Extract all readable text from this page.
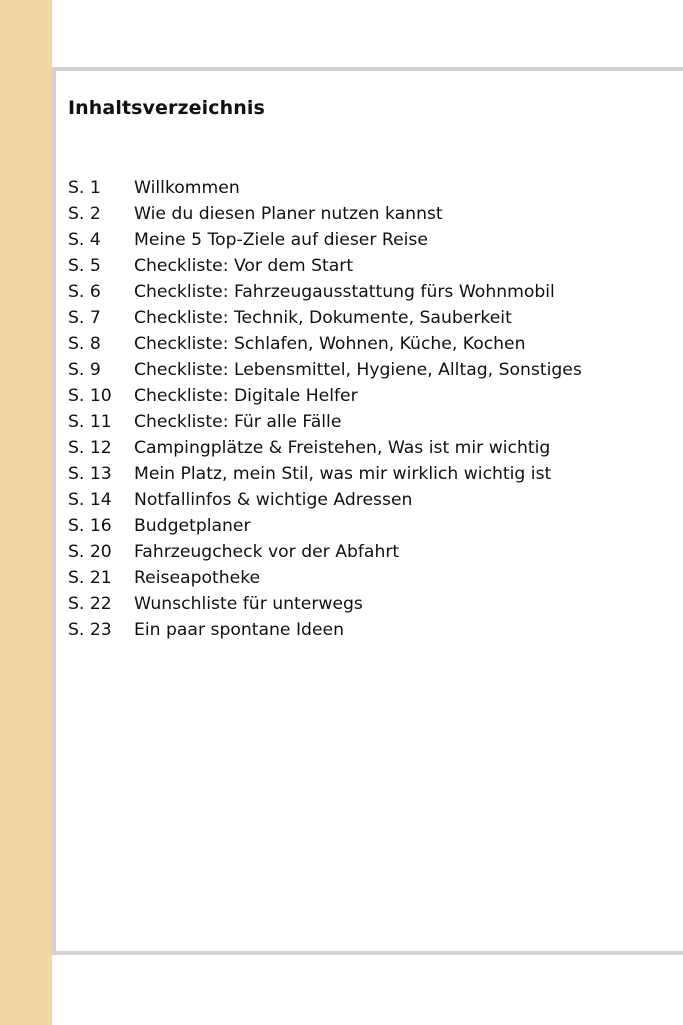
Inhaltsverzeichnis
S. 1 Willkommen
S. 2 Wie du diesen Planer nutzen kannst
S. 4 Meine 5 Top-Ziele auf dieser Reise
S. 5 Checkliste: Vor dem Start
S. 6 Checkliste: Fahrzeugausstattung fürs Wohnmobil
S. 7 Checkliste: Technik, Dokumente, Sauberkeit
S. 8 Checkliste: Schlafen, Wohnen, Küche, Kochen
S. 9 Checkliste: Lebensmittel, Hygiene, Alltag, Sonstiges
S. 10 Checkliste: Digitale Helfer
S. 11 Checkliste: Für alle Fälle
S. 12 Campingplätze & Freistehen, Was ist mir wichtig
S. 13 Mein Platz, mein Stil, was mir wirklich wichtig ist
S. 14 Notfallinfos & wichtige Adressen
S. 16 Budgetplaner
S. 20 Fahrzeugcheck vor der Abfahrt
S. 21 Reiseapotheke
S. 22 Wunschliste für unterwegs
S. 23 Ein paar spontane Ideen
